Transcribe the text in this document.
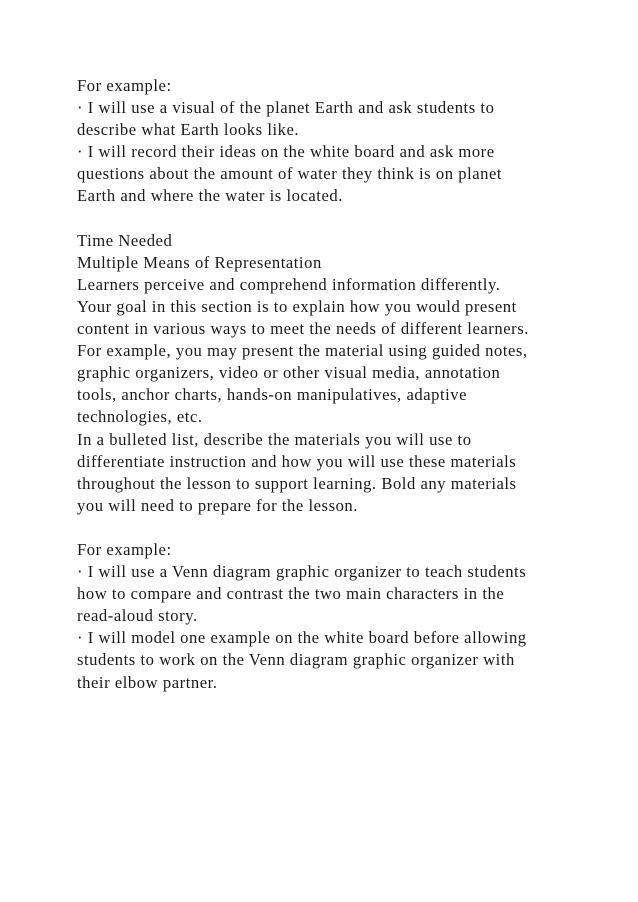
For example:
· I will use a visual of the planet Earth and ask students to
describe what Earth looks like.
· I will record their ideas on the white board and ask more
questions about the amount of water they think is on planet
Earth and where the water is located.
Time Needed
Multiple Means of Representation
Learners perceive and comprehend information differently.
Your goal in this section is to explain how you would present
content in various ways to meet the needs of different learners.
For example, you may present the material using guided notes,
graphic organizers, video or other visual media, annotation
tools, anchor charts, hands-on manipulatives, adaptive
technologies, etc.
In a bulleted list, describe the materials you will use to
differentiate instruction and how you will use these materials
throughout the lesson to support learning. Bold any materials
you will need to prepare for the lesson.
For example:
· I will use a Venn diagram graphic organizer to teach students
how to compare and contrast the two main characters in the
read-aloud story.
· I will model one example on the white board before allowing
students to work on the Venn diagram graphic organizer with
their elbow partner.
